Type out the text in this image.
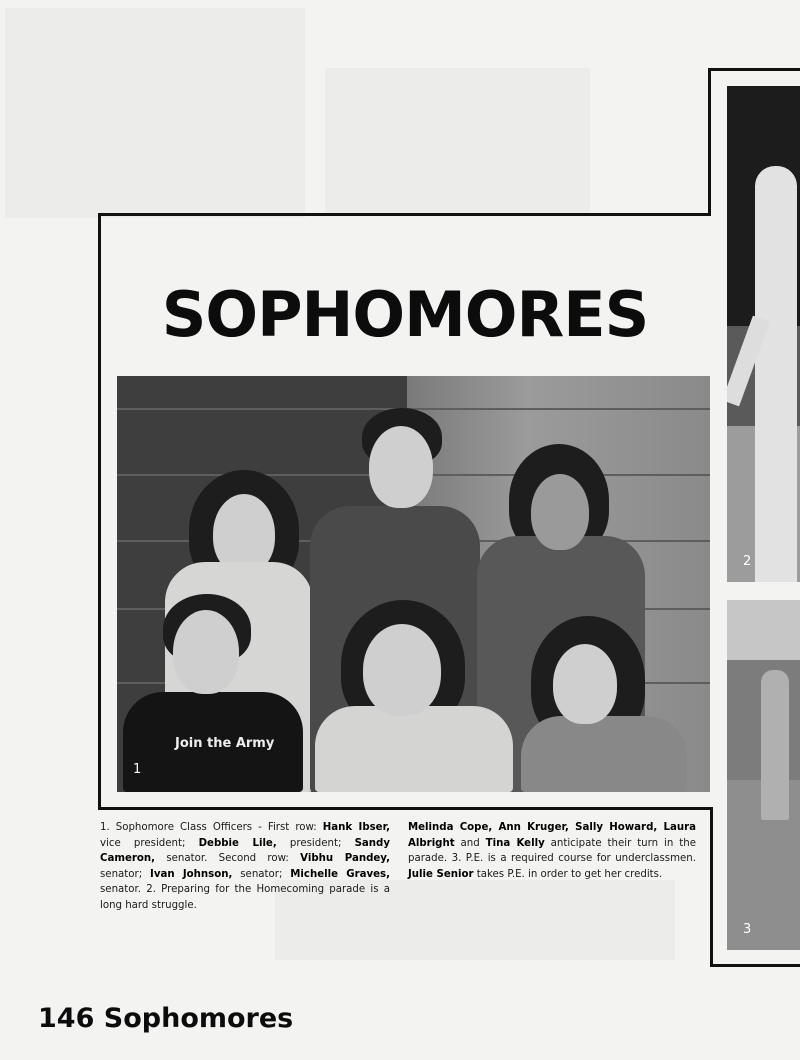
SOPHOMORES
Join the Army
1
2
3
1. Sophomore Class Officers - First row: Hank Ibser, vice president; Debbie Lile, president; Sandy Cameron, senator. Second row: Vibhu Pandey, senator; Ivan Johnson, senator; Michelle Graves, senator. 2. Preparing for the Homecoming parade is a long hard struggle.
Melinda Cope, Ann Kruger, Sally Howard, Laura Albright and Tina Kelly anticipate their turn in the parade. 3. P.E. is a required course for underclassmen. Julie Senior takes P.E. in order to get her credits.
146 Sophomores
